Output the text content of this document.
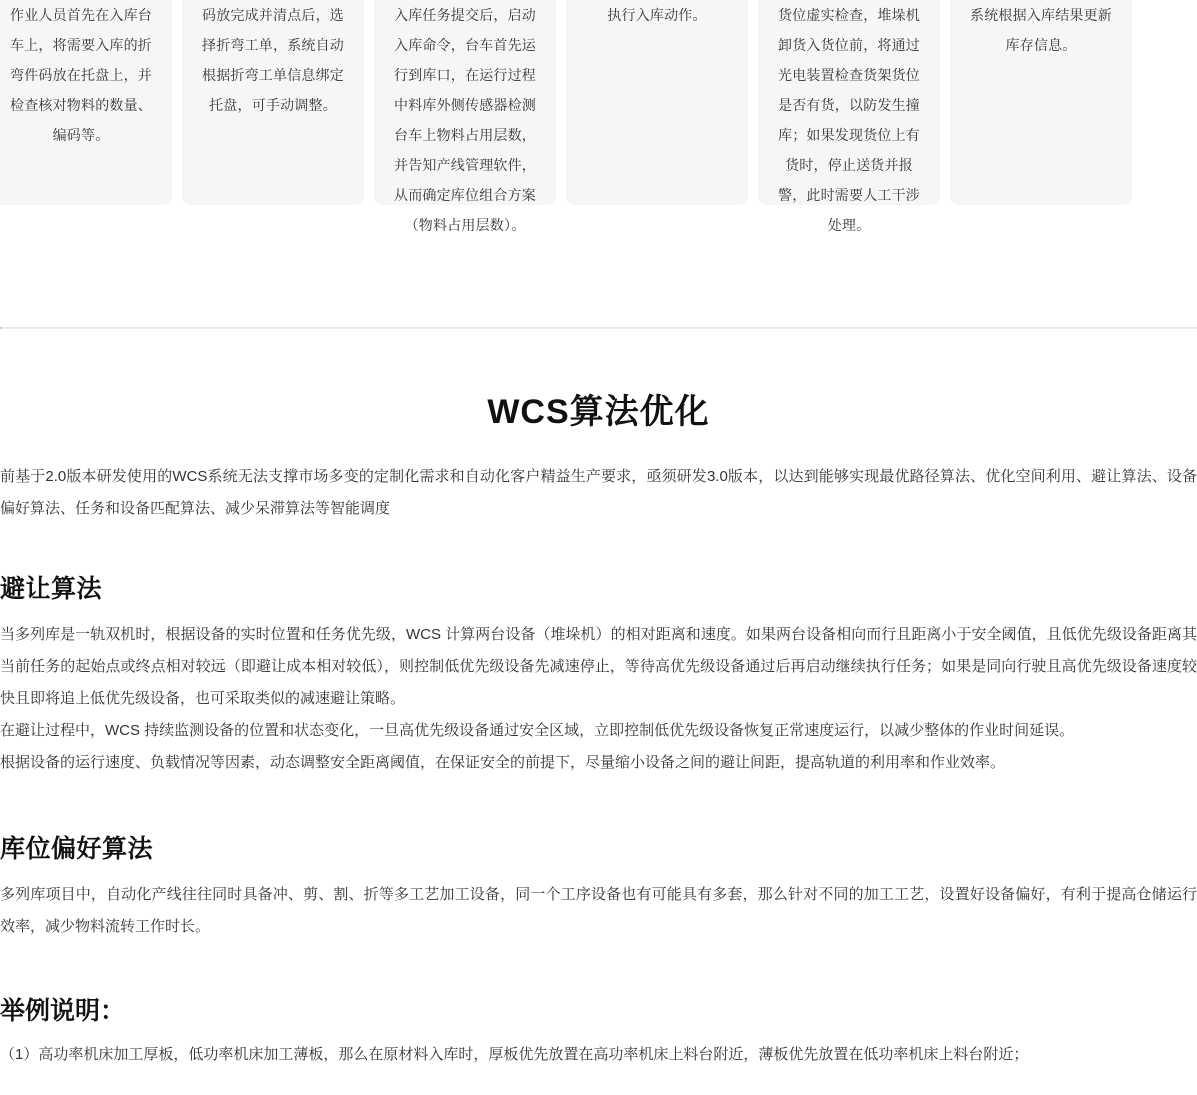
作业人员首先在入库台车上，将需要入库的折弯件码放在托盘上，并检查核对物料的数量、编码等。
码放完成并清点后，选择折弯工单，系统自动根据折弯工单信息绑定托盘，可手动调整。
入库任务提交后，启动入库命令，台车首先运行到库口，在运行过程中料库外侧传感器检测台车上物料占用层数，并告知产线管理软件，从而确定库位组合方案（物料占用层数）。
执行入库动作。	货位虚实检查，堆垛机卸货入货位前，将通过光电装置检查货架货位是否有货，以防发生撞库；如果发现货位上有货时，停止送货并报警，此时需要人工干涉处理。
系统根据入库结果更新库存信息。
WCS算法优化

前基于2.0版本研发使用的WCS系统无法支撑市场多变的定制化需求和自动化客户精益生产要求，亟须研发3.0版本，以达到能够实现最优路径算法、优化空间利用、避让算法、设备偏好算法、任务和设备匹配算法、减少呆滞算法等智能调度

避让算法

当多列库是一轨双机时，根据设备的实时位置和任务优先级，WCS 计算两台设备（堆垛机）的相对距离和速度。如果两台设备相向而行且距离小于安全阈值，且低优先级设备距离其当前任务的起始点或终点相对较远（即避让成本相对较低），则控制低优先级设备先减速停止，等待高优先级设备通过后再启动继续执行任务；如果是同向行驶且高优先级设备速度较快且即将追上低优先级设备，也可采取类似的减速避让策略。

在避让过程中，WCS 持续监测设备的位置和状态变化，一旦高优先级设备通过安全区域，立即控制低优先级设备恢复正常速度运行，以减少整体的作业时间延误。

根据设备的运行速度、负载情况等因素，动态调整安全距离阈值，在保证安全的前提下，尽量缩小设备之间的避让间距，提高轨道的利用率和作业效率。

库位偏好算法

多列库项目中，自动化产线往往同时具备冲、剪、割、折等多工艺加工设备，同一个工序设备也有可能具有多套，那么针对不同的加工工艺，设置好设备偏好，有利于提高仓储运行效率，减少物料流转工作时长。

举例说明：

（1）高功率机床加工厚板，低功率机床加工薄板，那么在原材料入库时，厚板优先放置在高功率机床上料台附近，薄板优先放置在低功率机床上料台附近；
